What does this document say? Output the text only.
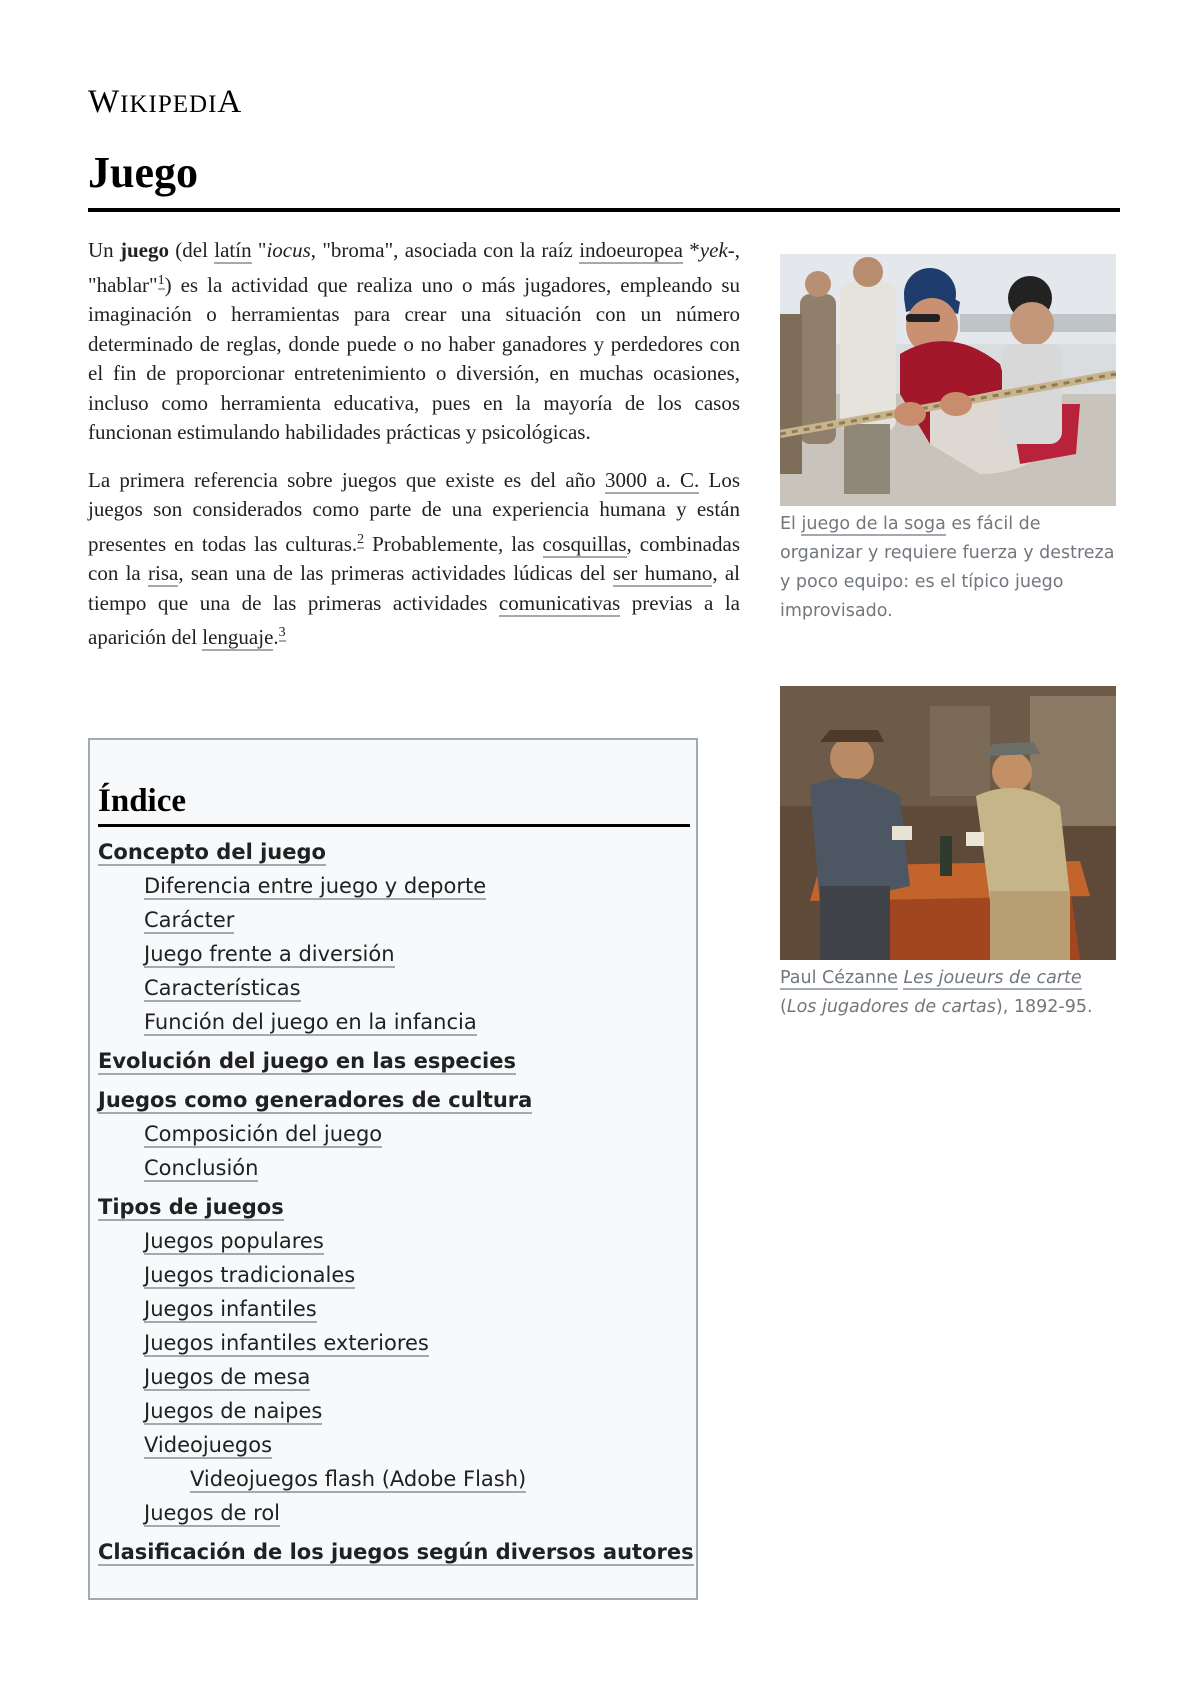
WIKIPEDIA
Juego

Un juego (del latín "iocus, "broma", asociada con la raíz indoeuropea *yek-, "hablar"$^1$) es la actividad que realiza uno o más jugadores, empleando su imaginación o herramientas para crear una situación con un número determinado de reglas, donde puede o no haber ganadores y perdedores con el fin de proporcionar entretenimiento o diversión, en muchas ocasiones, incluso como herramienta educativa, pues en la mayoría de los casos funcionan estimulando habilidades prácticas y psicológicas.

La primera referencia sobre juegos que existe es del año 3000 a. C. Los juegos son considerados como parte de una experiencia humana y están presentes en todas las culturas.$^2$ Probablemente, las cosquillas, combinadas con la risa, sean una de las primeras actividades lúdicas del ser humano, al tiempo que una de las primeras actividades comunicativas previas a la aparición del lenguaje.$^3$

Índice
Concepto del juego
Diferencia entre juego y deporte
Carácter
Juego frente a diversión
Características
Función del juego en la infancia
Evolución del juego en las especies
Juegos como generadores de cultura
Composición del juego
Conclusión
Tipos de juegos
Juegos populares
Juegos tradicionales
Juegos infantiles
Juegos infantiles exteriores
Juegos de mesa
Juegos de naipes
Videojuegos
Videojuegos flash (Adobe Flash)
Juegos de rol
Clasificación de los juegos según diversos autores
El juego de la soga es fácil de organizar y requiere fuerza y destreza y poco equipo: es el típico juego improvisado.
Paul Cézanne Les joueurs de carte (Los jugadores de cartas), 1892-95.
